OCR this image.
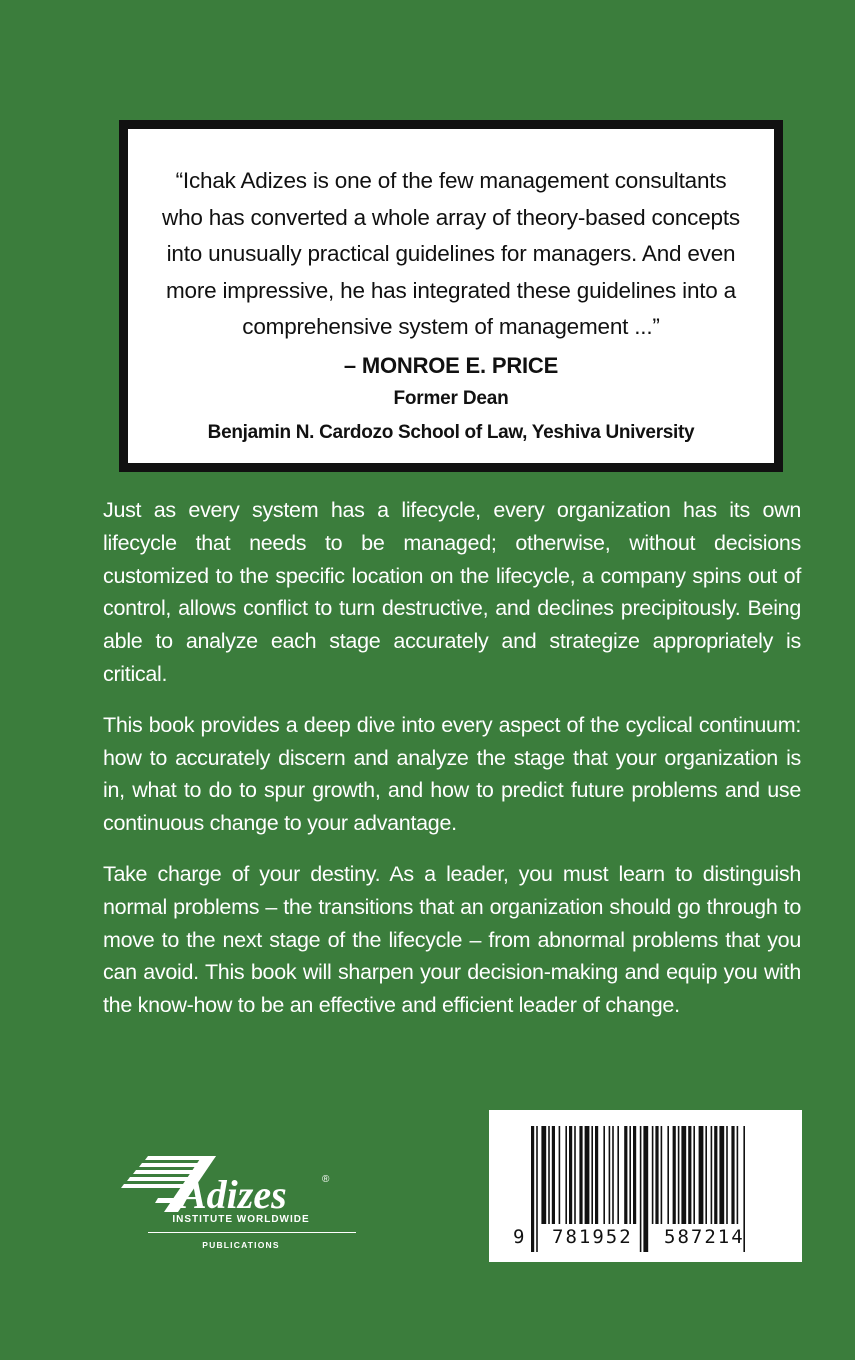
“Ichak Adizes is one of the few management consultants who has converted a whole array of theory-based concepts into unusually practical guidelines for managers. And even more impressive, he has integrated these guidelines into a comprehensive system of management ...”
– MONROE E. PRICE
Former Dean
Benjamin N. Cardozo School of Law, Yeshiva University

Just as every system has a lifecycle, every organization has its own lifecycle that needs to be managed; otherwise, without decisions customized to the specific location on the lifecycle, a company spins out of control, allows conflict to turn destructive, and declines precipitously. Being able to analyze each stage accurately and strategize appropriately is critical.

This book provides a deep dive into every aspect of the cyclical continuum: how to accurately discern and analyze the stage that your organization is in, what to do to spur growth, and how to predict future problems and use continuous change to your advantage.

Take charge of your destiny. As a leader, you must learn to distinguish normal problems – the transitions that an organization should go through to move to the next stage of the lifecycle – from abnormal problems that you can avoid. This book will sharpen your decision-making and equip you with the know-how to be an effective and efficient leader of change.

Adizes	®
INSTITUTE WORLDWIDE
PUBLICATIONS	9 781952 587214
